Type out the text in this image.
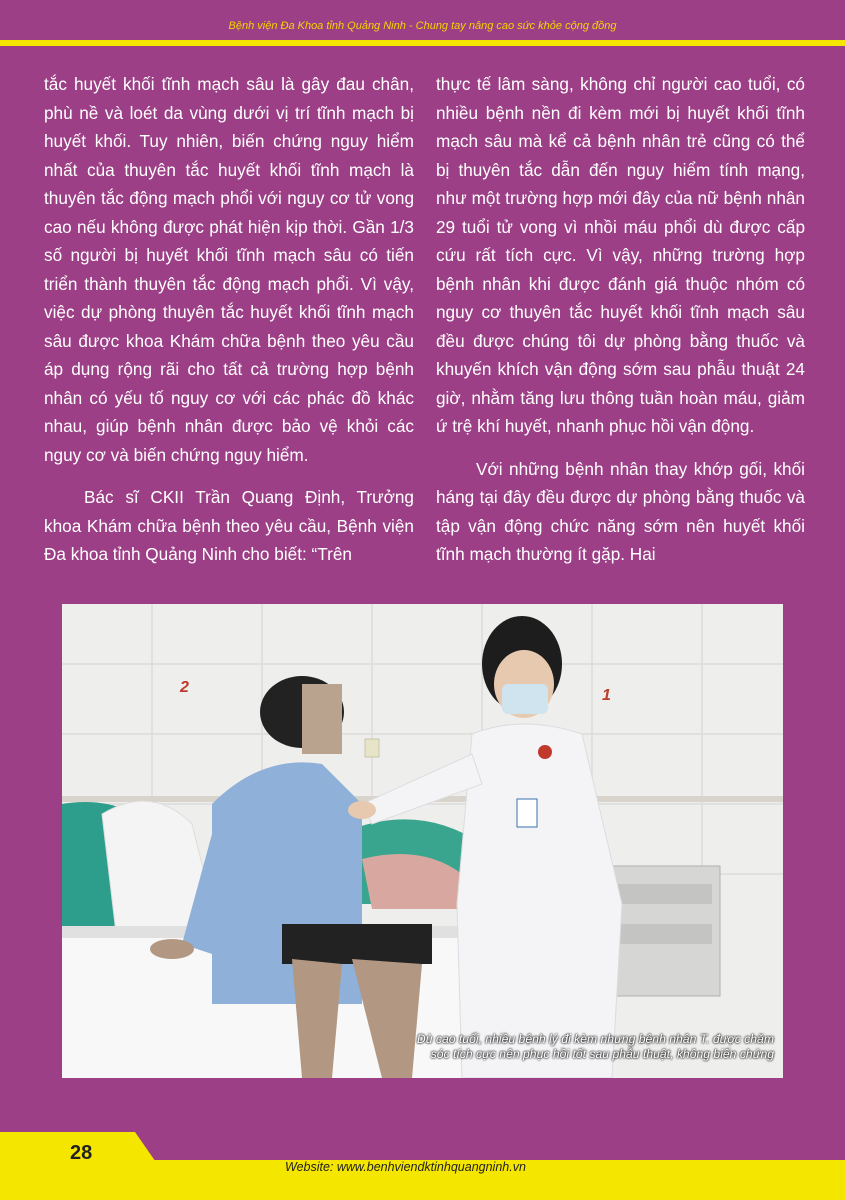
Bệnh viện Đa Khoa tỉnh Quảng Ninh - Chung tay nâng cao sức khỏe cộng đồng

tắc huyết khối tĩnh mạch sâu là gây đau chân, phù nề và loét da vùng dưới vị trí tĩnh mạch bị huyết khối. Tuy nhiên, biến chứng nguy hiểm nhất của thuyên tắc huyết khối tĩnh mạch là thuyên tắc động mạch phổi với nguy cơ tử vong cao nếu không được phát hiện kịp thời. Gần 1/3 số người bị huyết khối tĩnh mạch sâu có tiến triển thành thuyên tắc động mạch phổi. Vì vậy, việc dự phòng thuyên tắc huyết khối tĩnh mạch sâu được khoa Khám chữa bệnh theo yêu cầu áp dụng rộng rãi cho tất cả trường hợp bệnh nhân có yếu tố nguy cơ với các phác đồ khác nhau, giúp bệnh nhân được bảo vệ khỏi các nguy cơ và biến chứng nguy hiểm.

Bác sĩ CKII Trần Quang Định, Trưởng khoa Khám chữa bệnh theo yêu cầu, Bệnh viện Đa khoa tỉnh Quảng Ninh cho biết: “Trên

thực tế lâm sàng, không chỉ người cao tuổi, có nhiều bệnh nền đi kèm mới bị huyết khối tĩnh mạch sâu mà kể cả bệnh nhân trẻ cũng có thể bị thuyên tắc dẫn đến nguy hiểm tính mạng, như một trường hợp mới đây của nữ bệnh nhân 29 tuổi tử vong vì nhồi máu phổi dù được cấp cứu rất tích cực. Vì vậy, những trường hợp bệnh nhân khi được đánh giá thuộc nhóm có nguy cơ thuyên tắc huyết khối tĩnh mạch sâu đều được chúng tôi dự phòng bằng thuốc và khuyến khích vận động sớm sau phẫu thuật 24 giờ, nhằm tăng lưu thông tuần hoàn máu, giảm ứ trệ khí huyết, nhanh phục hồi vận động.

Với những bệnh nhân thay khớp gối, khối háng tại đây đều được dự phòng bằng thuốc và tập vận động chức năng sớm nên huyết khối tĩnh mạch thường ít gặp. Hai

2	1
Dù cao tuổi, nhiều bệnh lý đi kèm nhưng bệnh nhân T. được chăm
sóc tích cực nên phục hồi tốt sau phẫu thuật, không biến chứng
28
Website: www.benhviendktinhquangninh.vn
